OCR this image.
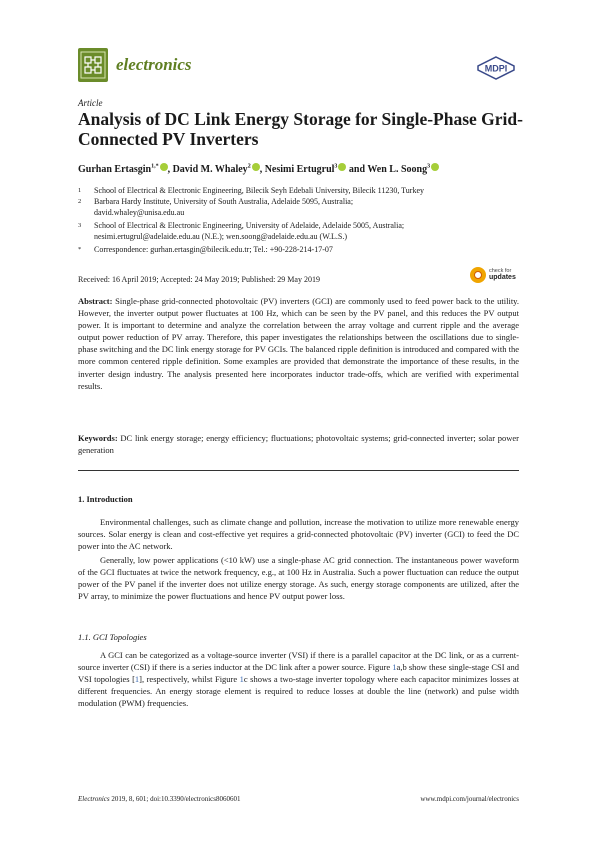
electronics	MDPI
Article
Analysis of DC Link Energy Storage for Single-Phase Grid-Connected PV Inverters
Gurhan Ertasgin$^{1,*}$ , David M. Whaley$^2$ , Nesimi Ertugrul$^3$ and Wen L. Soong$^3$
1	School of Electrical & Electronic Engineering, Bilecik Seyh Edebali University, Bilecik 11230, Turkey
2	Barbara Hardy Institute, University of South Australia, Adelaide 5095, Australia;
david.whaley@unisa.edu.au
3	School of Electrical & Electronic Engineering, University of Adelaide, Adelaide 5005, Australia;
nesimi.ertugrul@adelaide.edu.au (N.E.); wen.soong@adelaide.edu.au (W.L.S.)
*	Correspondence: gurhan.ertasgin@bilecik.edu.tr; Tel.: +90-228-214-17-07
Received: 16 April 2019; Accepted: 24 May 2019; Published: 29 May 2019
check for
updates

Abstract: Single-phase grid-connected photovoltaic (PV) inverters (GCI) are commonly used to feed power back to the utility. However, the inverter output power fluctuates at 100 Hz, which can be seen by the PV panel, and this reduces the PV output power. It is important to determine and analyze the correlation between the array voltage and current ripple and the average output power reduction of PV array. Therefore, this paper investigates the relationships between the oscillations due to single-phase switching and the DC link energy storage for PV GCIs. The balanced ripple definition is introduced and compared with the more common centered ripple definition. Some examples are provided that demonstrate the importance of these results, in the inverter design industry. The analysis presented here incorporates inductor trade-offs, which are verified with experimental results.

Keywords: DC link energy storage; energy efficiency; fluctuations; photovoltaic systems; grid-connected inverter; solar power generation

1. Introduction
Environmental challenges, such as climate change and pollution, increase the motivation to utilize more renewable energy sources. Solar energy is clean and cost-effective yet requires a grid-connected photovoltaic (PV) inverter (GCI) to feed the DC power into the AC network.
Generally, low power applications (<10 kW) use a single-phase AC grid connection. The instantaneous power waveform of the GCI fluctuates at twice the network frequency, e.g., at 100 Hz in Australia. Such a power fluctuation can reduce the output power of the PV panel if the inverter does not utilize energy storage. As such, energy storage components are utilized, after the PV array, to minimize the power fluctuations and hence PV output power loss.
1.1. GCI Topologies
A GCI can be categorized as a voltage-source inverter (VSI) if there is a parallel capacitor at the DC link, or as a current-source inverter (CSI) if there is a series inductor at the DC link after a power source. Figure 1a,b show these single-stage CSI and VSI topologies [1], respectively, whilst Figure 1c shows a two-stage inverter topology where each capacitor minimizes losses at different frequencies. An energy storage element is required to reduce losses at double the line (network) and pulse width modulation (PWM) frequencies.
Electronics 2019, 8, 601; doi:10.3390/electronics8060601	www.mdpi.com/journal/electronics
